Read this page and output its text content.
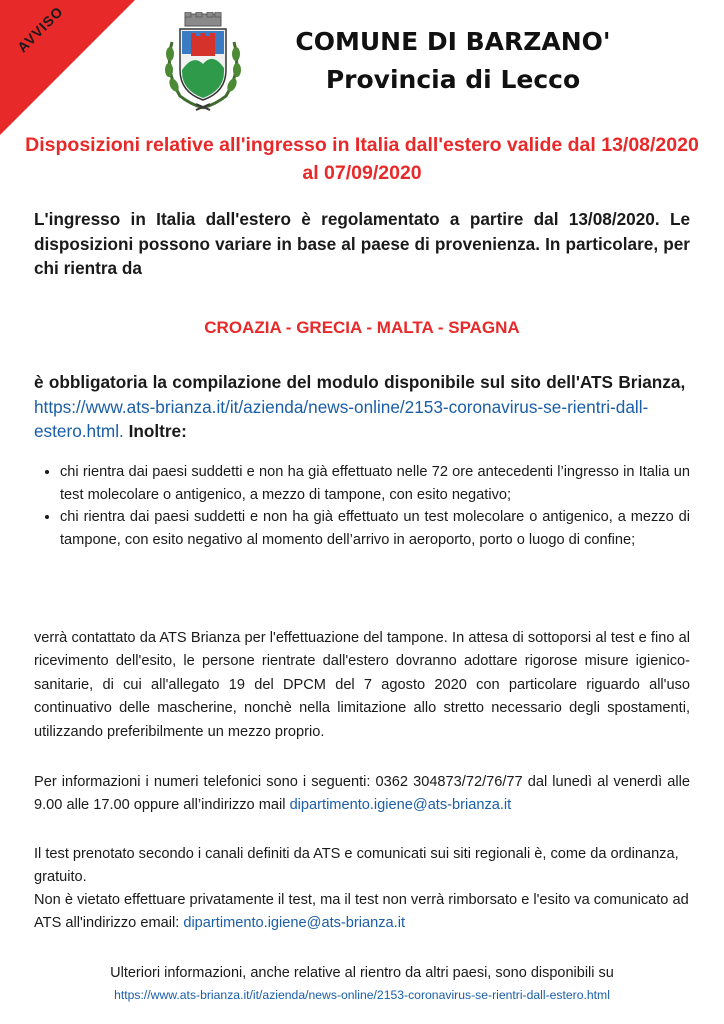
AVVISO	COMUNE DI BARZANO'
Provincia di Lecco
Disposizioni relative all'ingresso in Italia dall'estero valide dal 13/08/2020 al 07/09/2020
L'ingresso in Italia dall'estero è regolamentato a partire dal 13/08/2020. Le disposizioni possono variare in base al paese di provenienza. In particolare, per chi rientra da
CROAZIA - GRECIA - MALTA - SPAGNA
è obbligatoria la compilazione del modulo disponibile sul sito dell'ATS Brianza,  https://www.ats-brianza.it/it/azienda/news-online/2153-coronavirus-se-rientri-dall-estero.html. Inoltre:
• chi rientra dai paesi suddetti e non ha già effettuato nelle 72 ore antecedenti l’ingresso in Italia un test molecolare o antigenico, a mezzo di tampone, con esito negativo;
• chi rientra dai paesi suddetti e non ha già effettuato un test molecolare o antigenico, a mezzo di tampone, con esito negativo al momento dell’arrivo in aeroporto, porto o luogo di confine;
verrà contattato da ATS Brianza per l'effettuazione del tampone. In attesa di sottoporsi al test e fino al ricevimento dell'esito, le persone rientrate dall'estero dovranno adottare rigorose misure igienico-sanitarie, di cui all'allegato 19 del DPCM del 7 agosto 2020 con particolare riguardo all'uso continuativo delle mascherine, nonchè nella limitazione allo stretto necessario degli spostamenti, utilizzando preferibilmente un mezzo proprio.
Per informazioni i numeri telefonici sono i seguenti: 0362 304873/72/76/77 dal lunedì al venerdì alle 9.00 alle 17.00 oppure all’indirizzo mail dipartimento.igiene@ats-brianza.it
Il test prenotato secondo i canali definiti da ATS e comunicati sui siti regionali è, come da ordinanza, gratuito.
Non è vietato effettuare privatamente il test, ma il test non verrà rimborsato e l'esito va comunicato ad ATS all'indirizzo email: dipartimento.igiene@ats-brianza.it
Ulteriori informazioni, anche relative al rientro da altri paesi, sono disponibili su
https://www.ats-brianza.it/it/azienda/news-online/2153-coronavirus-se-rientri-dall-estero.html
